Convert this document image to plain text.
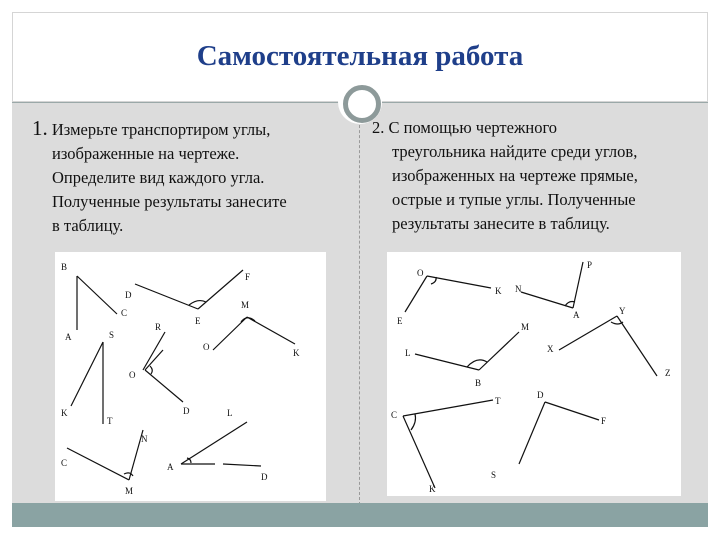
Самостоятельная работа

1. Измерьте транспортиром углы,
изображенные на чертеже.
Определите вид каждого угла.
Полученные результаты занесите
в таблицу.

2. С помощью чертежного
треугольника найдите среди углов,
изображенных на чертеже прямые,
острые и тупые углы. Полученные
результаты занесите в таблицу.

B
A
C
D
E
F
R
M
O
K
S
O
D	L
K
T
N
C
M
A
D
O
E
K N
P
A
M
L
B
Y
X
Z
C
T
D
F
K
S
